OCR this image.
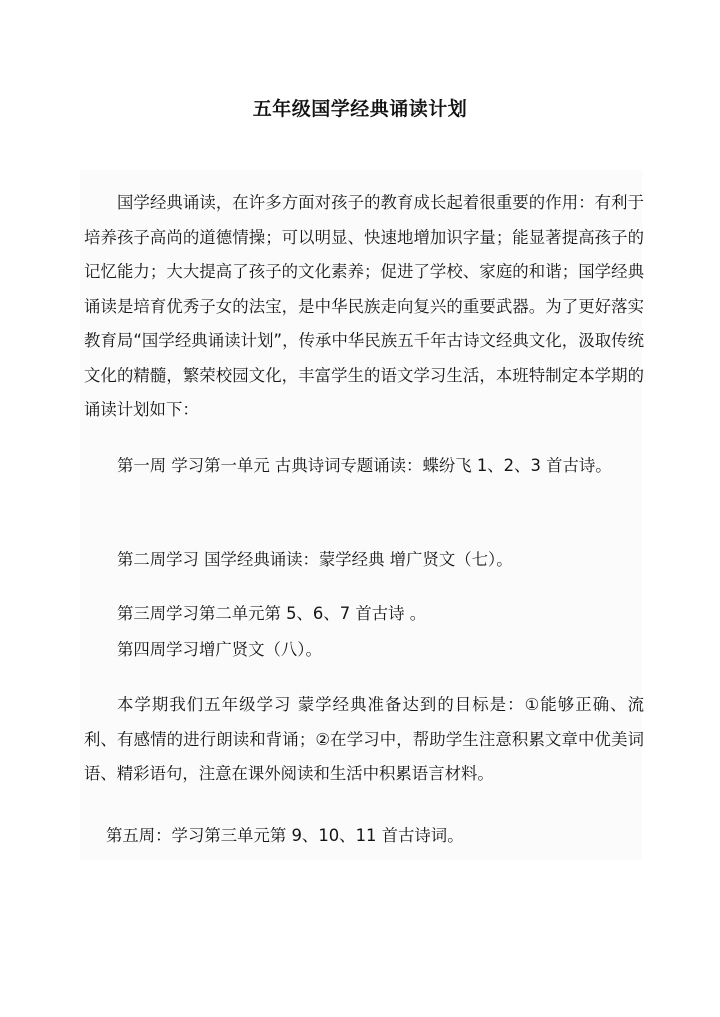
五年级国学经典诵读计划
国学经典诵读，在许多方面对孩子的教育成长起着很重要的作用：有利于培养孩子高尚的道德情操；可以明显、快速地增加识字量；能显著提高孩子的记忆能力；大大提高了孩子的文化素养；促进了学校、家庭的和谐；国学经典诵读是培育优秀子女的法宝，是中华民族走向复兴的重要武器。为了更好落实教育局“国学经典诵读计划”，传承中华民族五千年古诗文经典文化，汲取传统文化的精髓，繁荣校园文化，丰富学生的语文学习生活，本班特制定本学期的诵读计划如下：
第一周 学习第一单元 古典诗词专题诵读：蝶纷飞 1、2、3 首古诗。
第二周学习 国学经典诵读：蒙学经典 增广贤文（七）。
第三周学习第二单元第 5、6、7 首古诗 。
第四周学习增广贤文（八）。
本学期我们五年级学习 蒙学经典准备达到的目标是：①能够正确、流利、有感情的进行朗读和背诵；②在学习中，帮助学生注意积累文章中优美词语、精彩语句，注意在课外阅读和生活中积累语言材料。
第五周：学习第三单元第 9、10、11 首古诗词。
